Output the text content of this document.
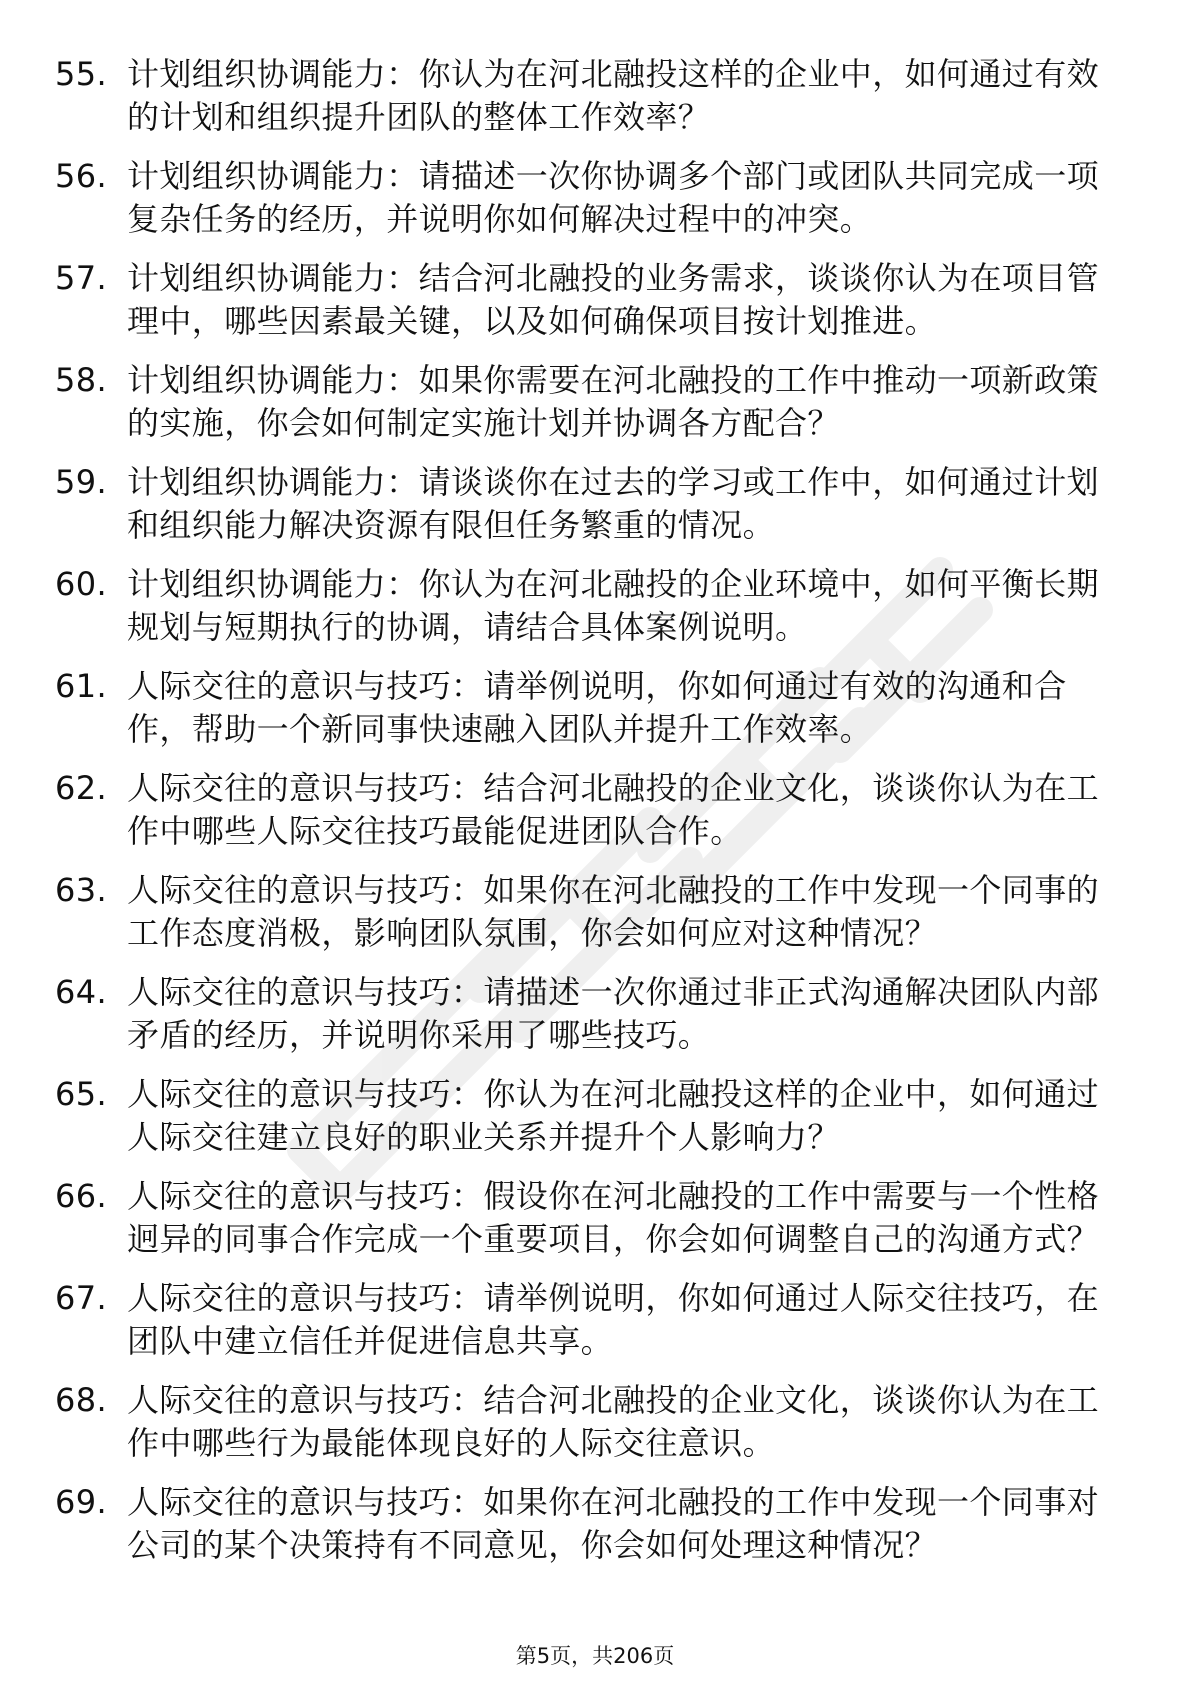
55. 计划组织协调能力：你认为在河北融投这样的企业中，如何通过有效的计划和组织提升团队的整体工作效率？
56. 计划组织协调能力：请描述一次你协调多个部门或团队共同完成一项复杂任务的经历，并说明你如何解决过程中的冲突。
57. 计划组织协调能力：结合河北融投的业务需求，谈谈你认为在项目管理中，哪些因素最关键，以及如何确保项目按计划推进。
58. 计划组织协调能力：如果你需要在河北融投的工作中推动一项新政策的实施，你会如何制定实施计划并协调各方配合？
59. 计划组织协调能力：请谈谈你在过去的学习或工作中，如何通过计划和组织能力解决资源有限但任务繁重的情况。
60. 计划组织协调能力：你认为在河北融投的企业环境中，如何平衡长期规划与短期执行的协调，请结合具体案例说明。
61. 人际交往的意识与技巧：请举例说明，你如何通过有效的沟通和合作，帮助一个新同事快速融入团队并提升工作效率。
62. 人际交往的意识与技巧：结合河北融投的企业文化，谈谈你认为在工作中哪些人际交往技巧最能促进团队合作。
63. 人际交往的意识与技巧：如果你在河北融投的工作中发现一个同事的工作态度消极，影响团队氛围，你会如何应对这种情况？
64. 人际交往的意识与技巧：请描述一次你通过非正式沟通解决团队内部矛盾的经历，并说明你采用了哪些技巧。
65. 人际交往的意识与技巧：你认为在河北融投这样的企业中，如何通过人际交往建立良好的职业关系并提升个人影响力？
66. 人际交往的意识与技巧：假设你在河北融投的工作中需要与一个性格迥异的同事合作完成一个重要项目，你会如何调整自己的沟通方式？
67. 人际交往的意识与技巧：请举例说明，你如何通过人际交往技巧，在团队中建立信任并促进信息共享。
68. 人际交往的意识与技巧：结合河北融投的企业文化，谈谈你认为在工作中哪些行为最能体现良好的人际交往意识。
69. 人际交往的意识与技巧：如果你在河北融投的工作中发现一个同事对公司的某个决策持有不同意见，你会如何处理这种情况？
第5页，共206页
